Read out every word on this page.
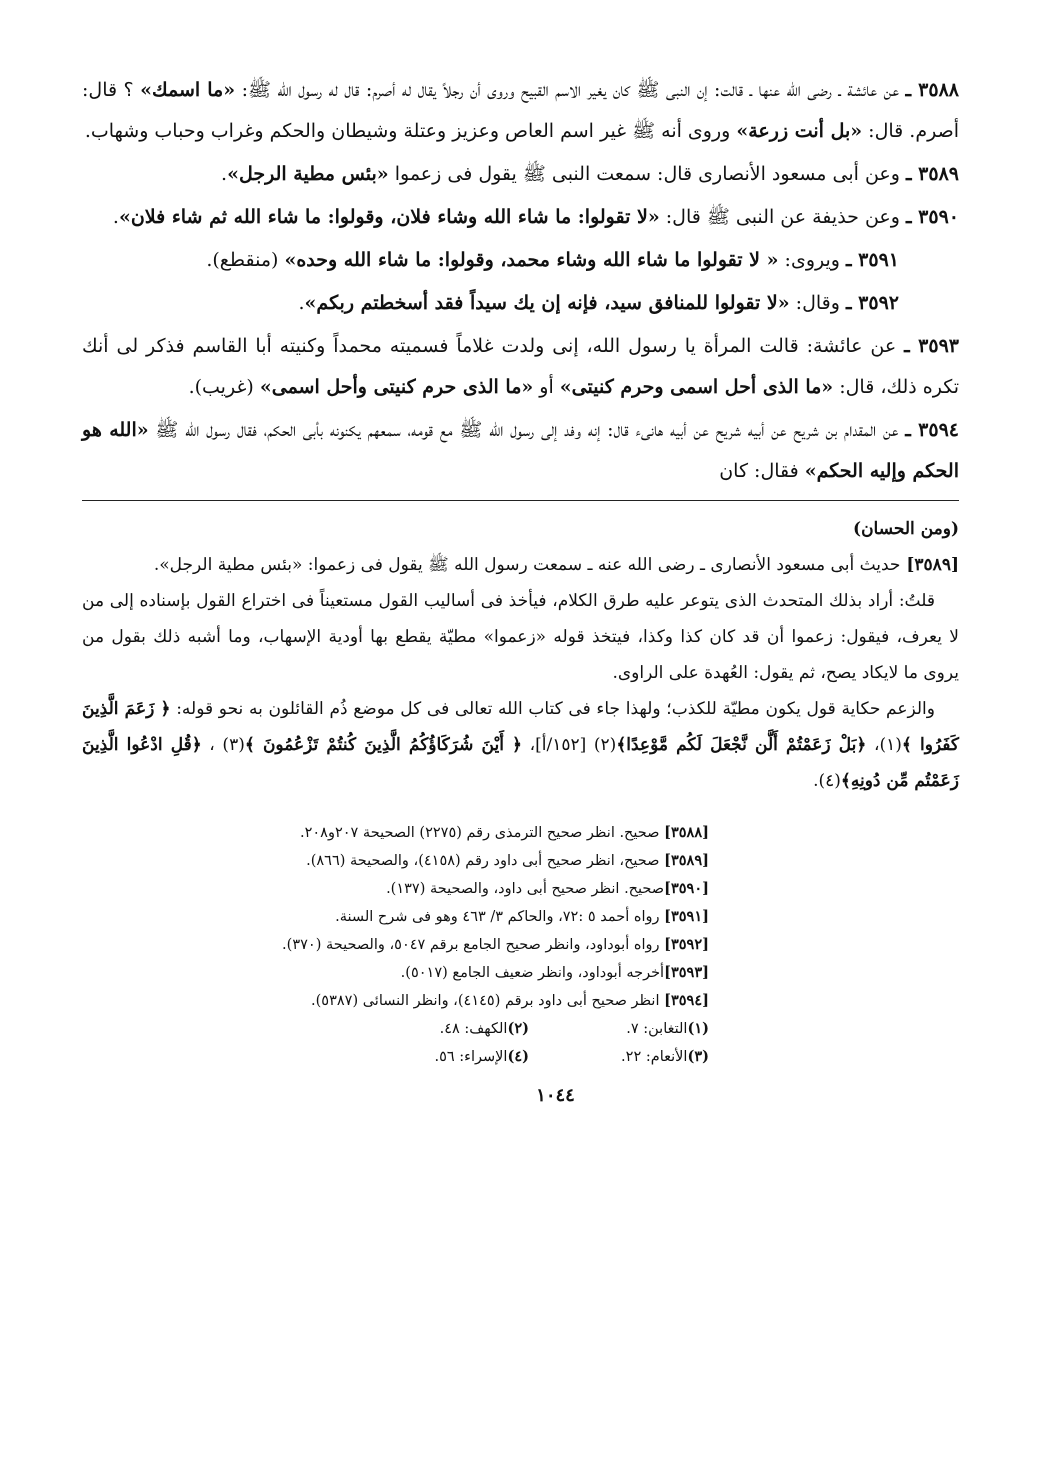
٣٥٨٨ ـ عن عائشة ـ رضى الله عنها ـ قالت: إن النبى ﷺ كان يغير الاسم القبيح وروى أن رجلاً يقال له أصرم: قال له رسول الله ﷺ: «ما اسمك» ؟ قال: أصرم. قال: «بل أنت زرعة» وروى أنه ﷺ غير اسم العاص وعزيز وعتلة وشيطان والحكم وغراب وحباب وشهاب.

٣٥٨٩ ـ وعن أبى مسعود الأنصارى قال: سمعت النبى ﷺ يقول فى زعموا «بئس مطية الرجل».

٣٥٩٠ ـ وعن حذيفة عن النبى ﷺ قال: «لا تقولوا: ما شاء الله وشاء فلان، وقولوا: ما شاء الله ثم شاء فلان».

٣٥٩١ ـ ويروى: « لا تقولوا ما شاء الله وشاء محمد، وقولوا: ما شاء الله وحده» (منقطع).

٣٥٩٢ ـ وقال: «لا تقولوا للمنافق سيد، فإنه إن يك سيداً فقد أسخطتم ربكم».

٣٥٩٣ ـ عن عائشة: قالت المرأة يا رسول الله، إنى ولدت غلاماً فسميته محمداً وكنيته أبا القاسم فذكر لى أنك تكره ذلك، قال: «ما الذى أحل اسمى وحرم كنيتى» أو «ما الذى حرم كنيتى وأحل اسمى» (غريب).

٣٥٩٤ ـ عن المقدام بن شريح عن أبيه شريح عن أبيه هانىء قال: إنه وفد إلى رسول الله ﷺ مع قومه، سمعهم يكنونه بأبى الحكم، فقال رسول الله ﷺ «الله هو الحكم وإليه الحكم» فقال: كان

(ومن الحسان)

[٣٥٨٩] حديث أبى مسعود الأنصارى ـ رضى الله عنه ـ سمعت رسول الله ﷺ يقول فى زعموا: «بئس مطية الرجل».

قلتُ: أراد بذلك المتحدث الذى يتوعر عليه طرق الكلام، فيأخذ فى أساليب القول مستعيناً فى اختراع القول بإسناده إلى من لا يعرف، فيقول: زعموا أن قد كان كذا وكذا، فيتخذ قوله «زعموا» مطيّة يقطع بها أودية الإسهاب، وما أشبه ذلك بقول من يروى ما لايكاد يصح، ثم يقول: العُهدة على الراوى.

والزعم حكاية قول يكون مطيّة للكذب؛ ولهذا جاء فى كتاب الله تعالى فى كل موضع ذُم القائلون به نحو قوله: ﴿ زَعَمَ الَّذِينَ كَفَرُوا ﴾(١)، ﴿بَلْ زَعَمْتُمْ أَلَّن نَّجْعَلَ لَكُم مَّوْعِدًا﴾(٢) [١٥٢/أ]، ﴿ أَيْنَ شُرَكَاؤُكُمُ الَّذِينَ كُنتُمْ تَزْعُمُونَ ﴾(٣) ، ﴿قُلِ ادْعُوا الَّذِينَ زَعَمْتُم مِّن دُونِهِ﴾(٤).

[٣٥٨٨] صحيح. انظر صحيح الترمذى رقم (٢٢٧٥) الصحيحة ٢٠٧و٢٠٨.

[٣٥٨٩] صحيح، انظر صحيح أبى داود رقم (٤١٥٨)، والصحيحة (٨٦٦).

[٣٥٩٠]صحيح. انظر صحيح أبى داود، والصحيحة (١٣٧).

[٣٥٩١] رواه أحمد ٥ :٧٢، والحاكم ٣/ ٤٦٣ وهو فى شرح السنة.

[٣٥٩٢] رواه أبوداود، وانظر صحيح الجامع برقم ٥٠٤٧، والصحيحة (٣٧٠).

[٣٥٩٣]أخرجه أبوداود، وانظر ضعيف الجامع (٥٠١٧).

[٣٥٩٤] انظر صحيح أبى داود برقم (٤١٤٥)، وانظر النسائى (٥٣٨٧).

(١)التغابن: ٧.
(٢)الكهف: ٤٨.
(٣)الأنعام: ٢٢.
(٤)الإسراء: ٥٦.
١٠٤٤
